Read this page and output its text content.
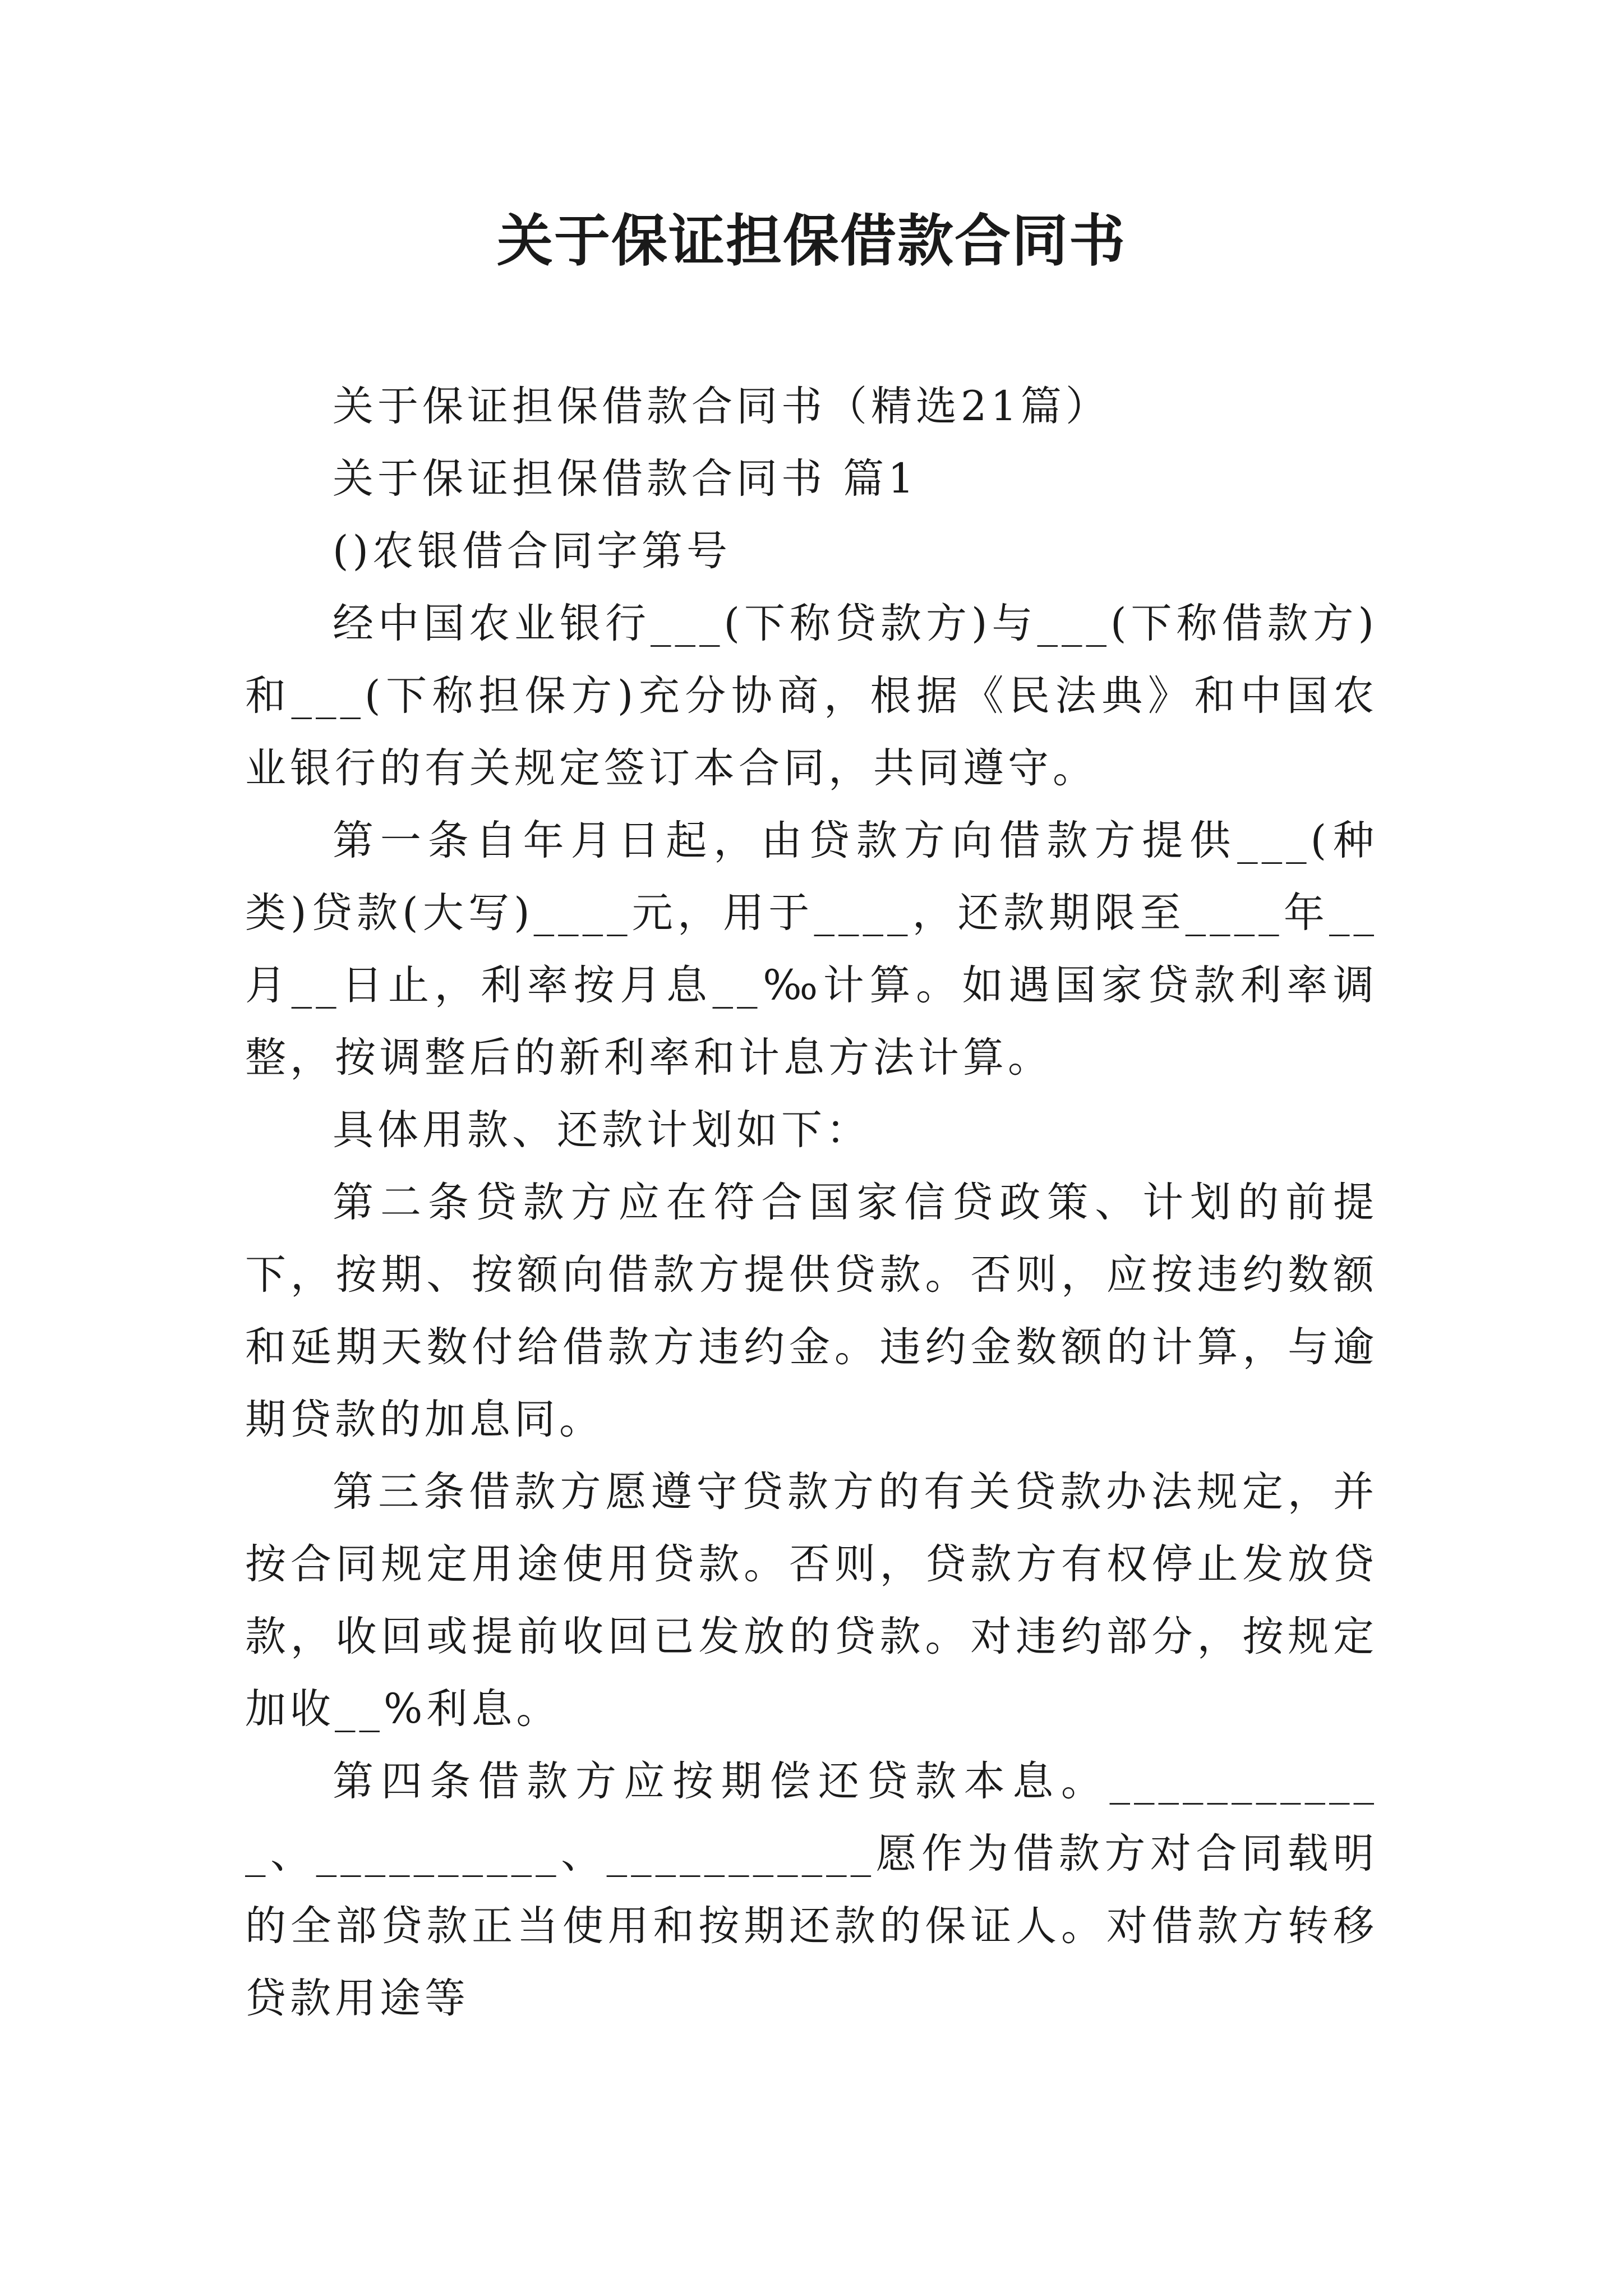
关于保证担保借款合同书

关于保证担保借款合同书（精选21篇）

关于保证担保借款合同书 篇1

()农银借合同字第号

经中国农业银行___(下称贷款方)与___(下称借款方)和___(下称担保方)充分协商，根据《民法典》和中国农业银行的有关规定签订本合同，共同遵守。

第一条自年月日起，由贷款方向借款方提供___(种类)贷款(大写)____元，用于____，还款期限至____年__月__日止，利率按月息__‰计算。如遇国家贷款利率调整，按调整后的新利率和计息方法计算。

具体用款、还款计划如下：

第二条贷款方应在符合国家信贷政策、计划的前提下，按期、按额向借款方提供贷款。否则，应按违约数额和延期天数付给借款方违约金。违约金数额的计算，与逾期贷款的加息同。

第三条借款方愿遵守贷款方的有关贷款办法规定，并按合同规定用途使用贷款。否则，贷款方有权停止发放贷款，收回或提前收回已发放的贷款。对违约部分，按规定加收__%利息。

第四条借款方应按期偿还贷款本息。____________、__________、___________愿作为借款方对合同载明的全部贷款正当使用和按期还款的保证人。对借款方转移贷款用途等
